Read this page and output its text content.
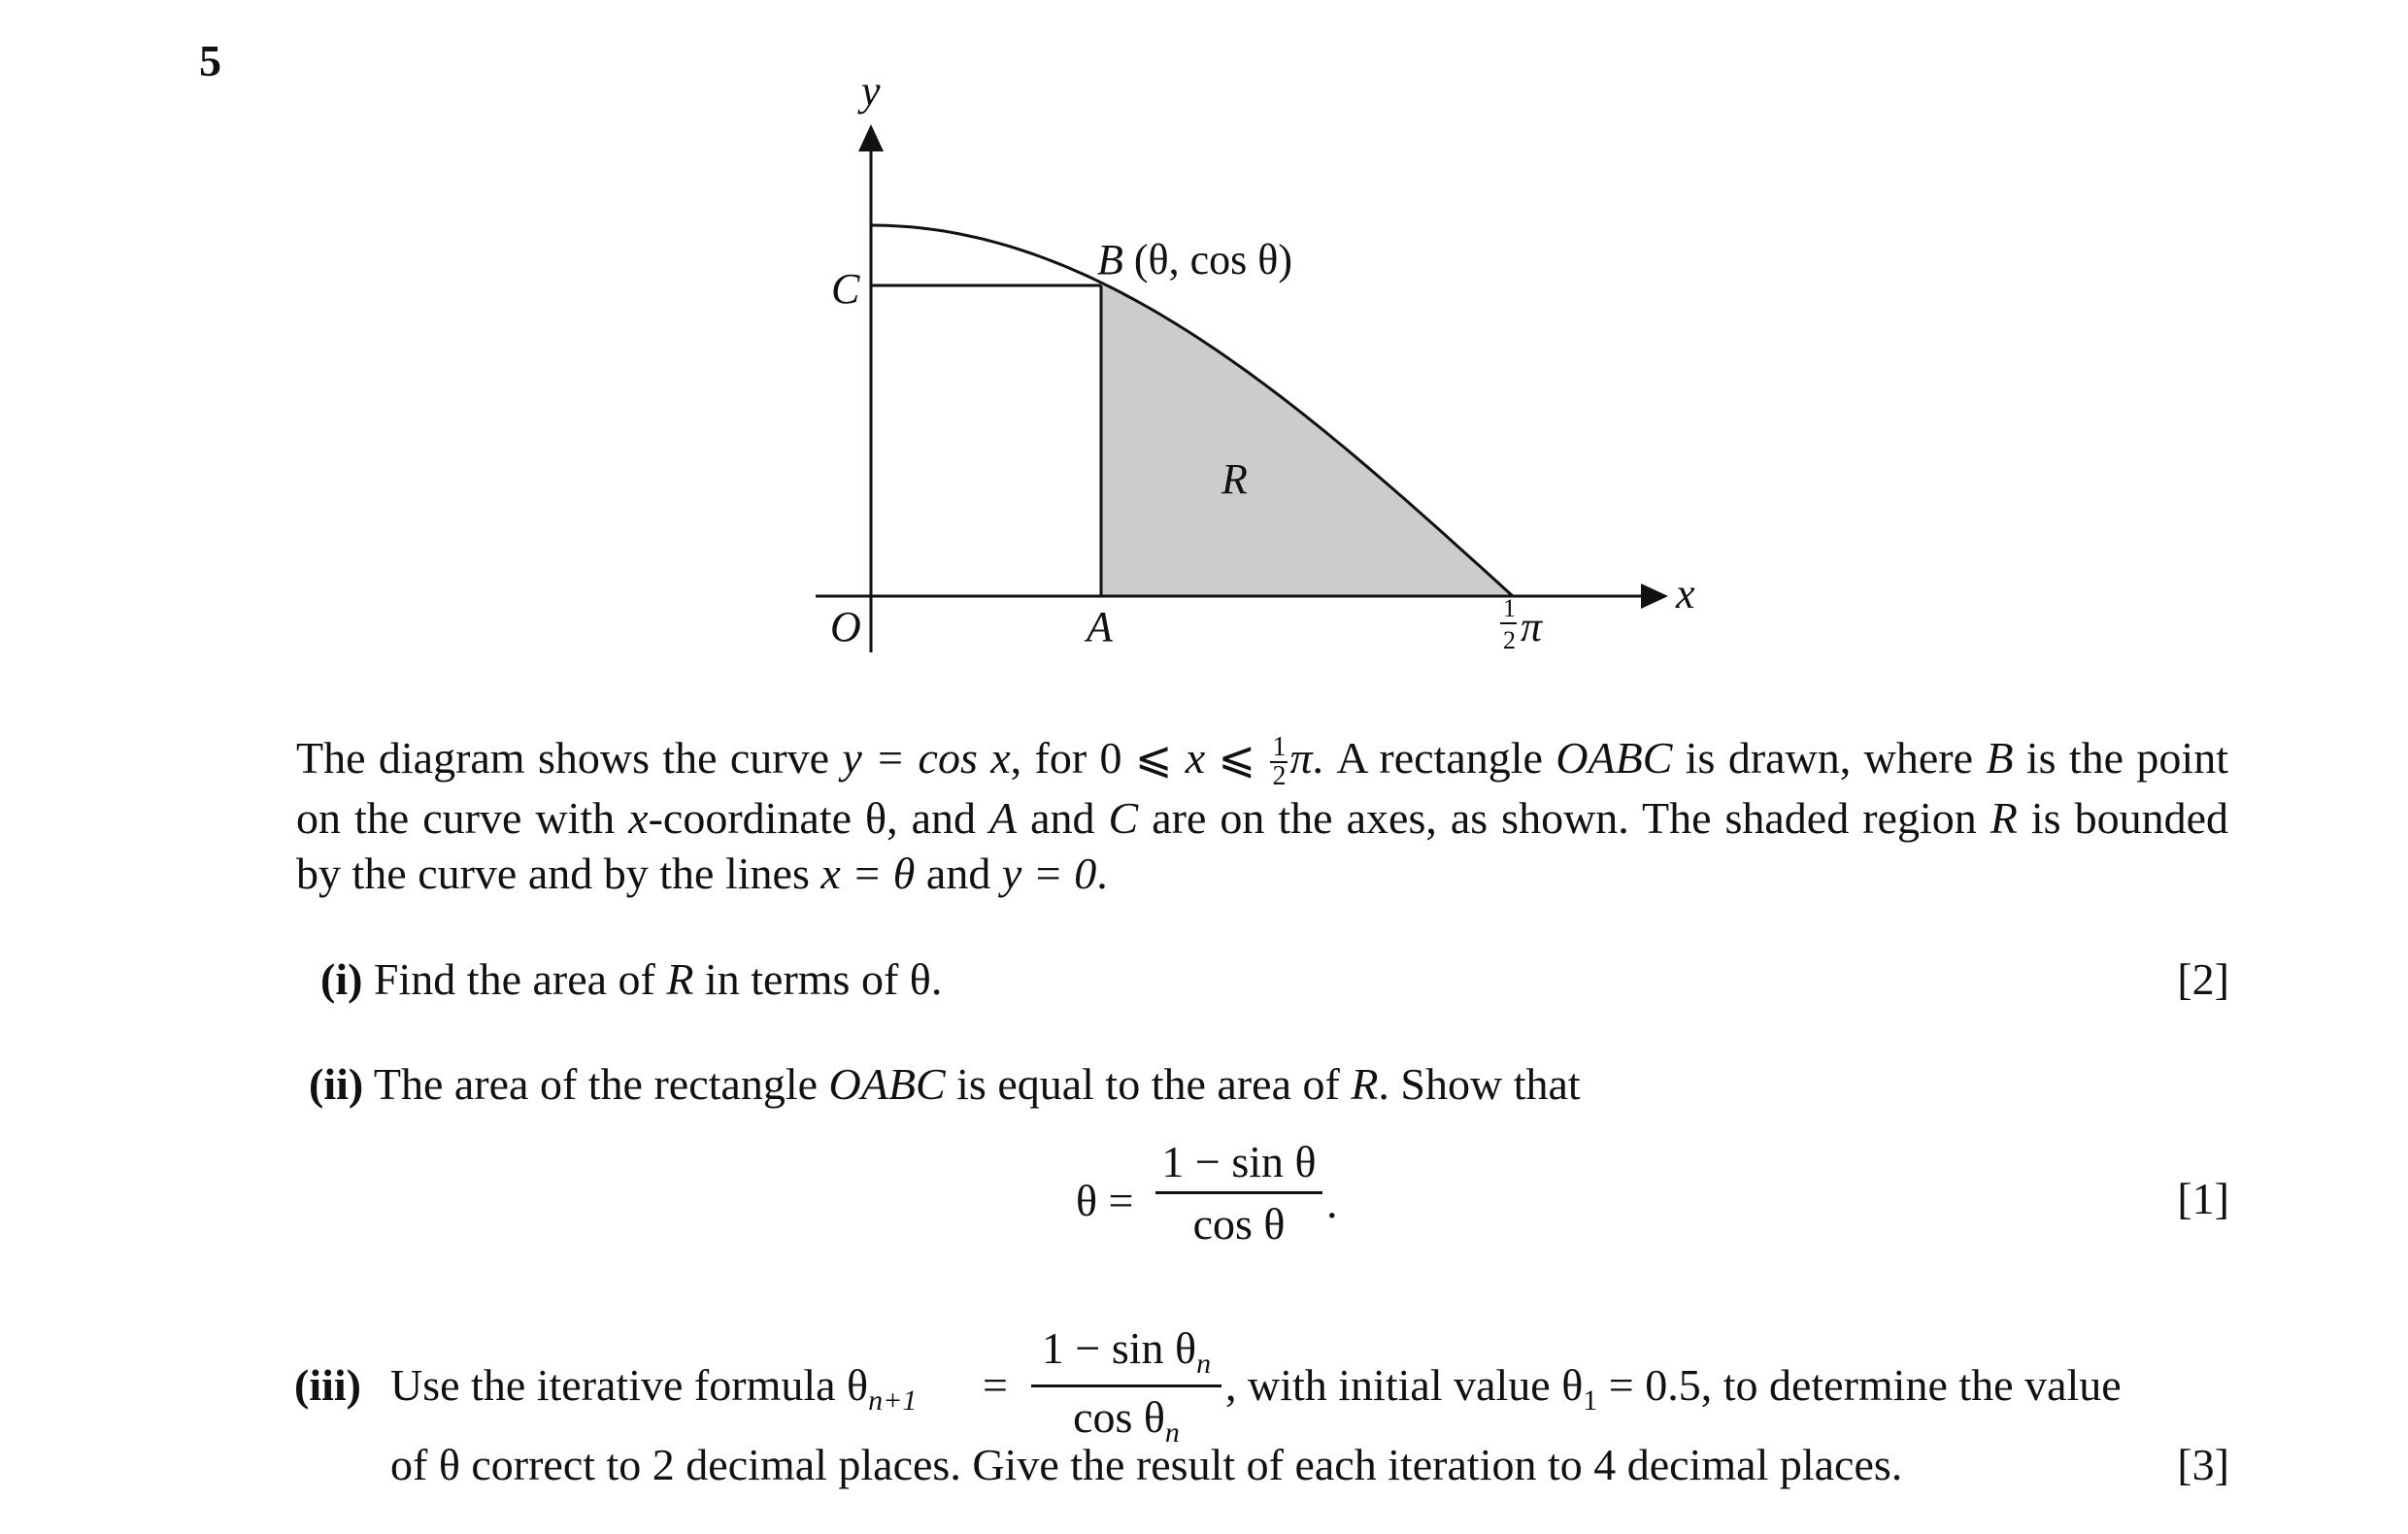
5
y
x
O	A
C
B (θ, cos θ)
R
1
2 π
The diagram shows the curve y = cos x, for 0 ⩽ x ⩽ $\frac{1}{2} \pi$. A rectangle OABC is drawn, where B is the point on the curve with x-coordinate θ, and A and C are on the axes, as shown. The shaded region R is bounded by the curve and by the lines x = θ and y = 0.
(i) Find the area of R in terms of θ.	[2]
(ii) The area of the rectangle OABC is equal to the area of R. Show that
θ =
1 − sin θ
cos θ .	[1]
(iii) Use the iterative formula $\theta_{n+1}$ =
$1 - \sin \theta_n$
$\cos \theta_n$
, with initial value $\theta_1 = 0.5$, to determine the value
of θ correct to 2 decimal places. Give the result of each iteration to 4 decimal places.	[3]
